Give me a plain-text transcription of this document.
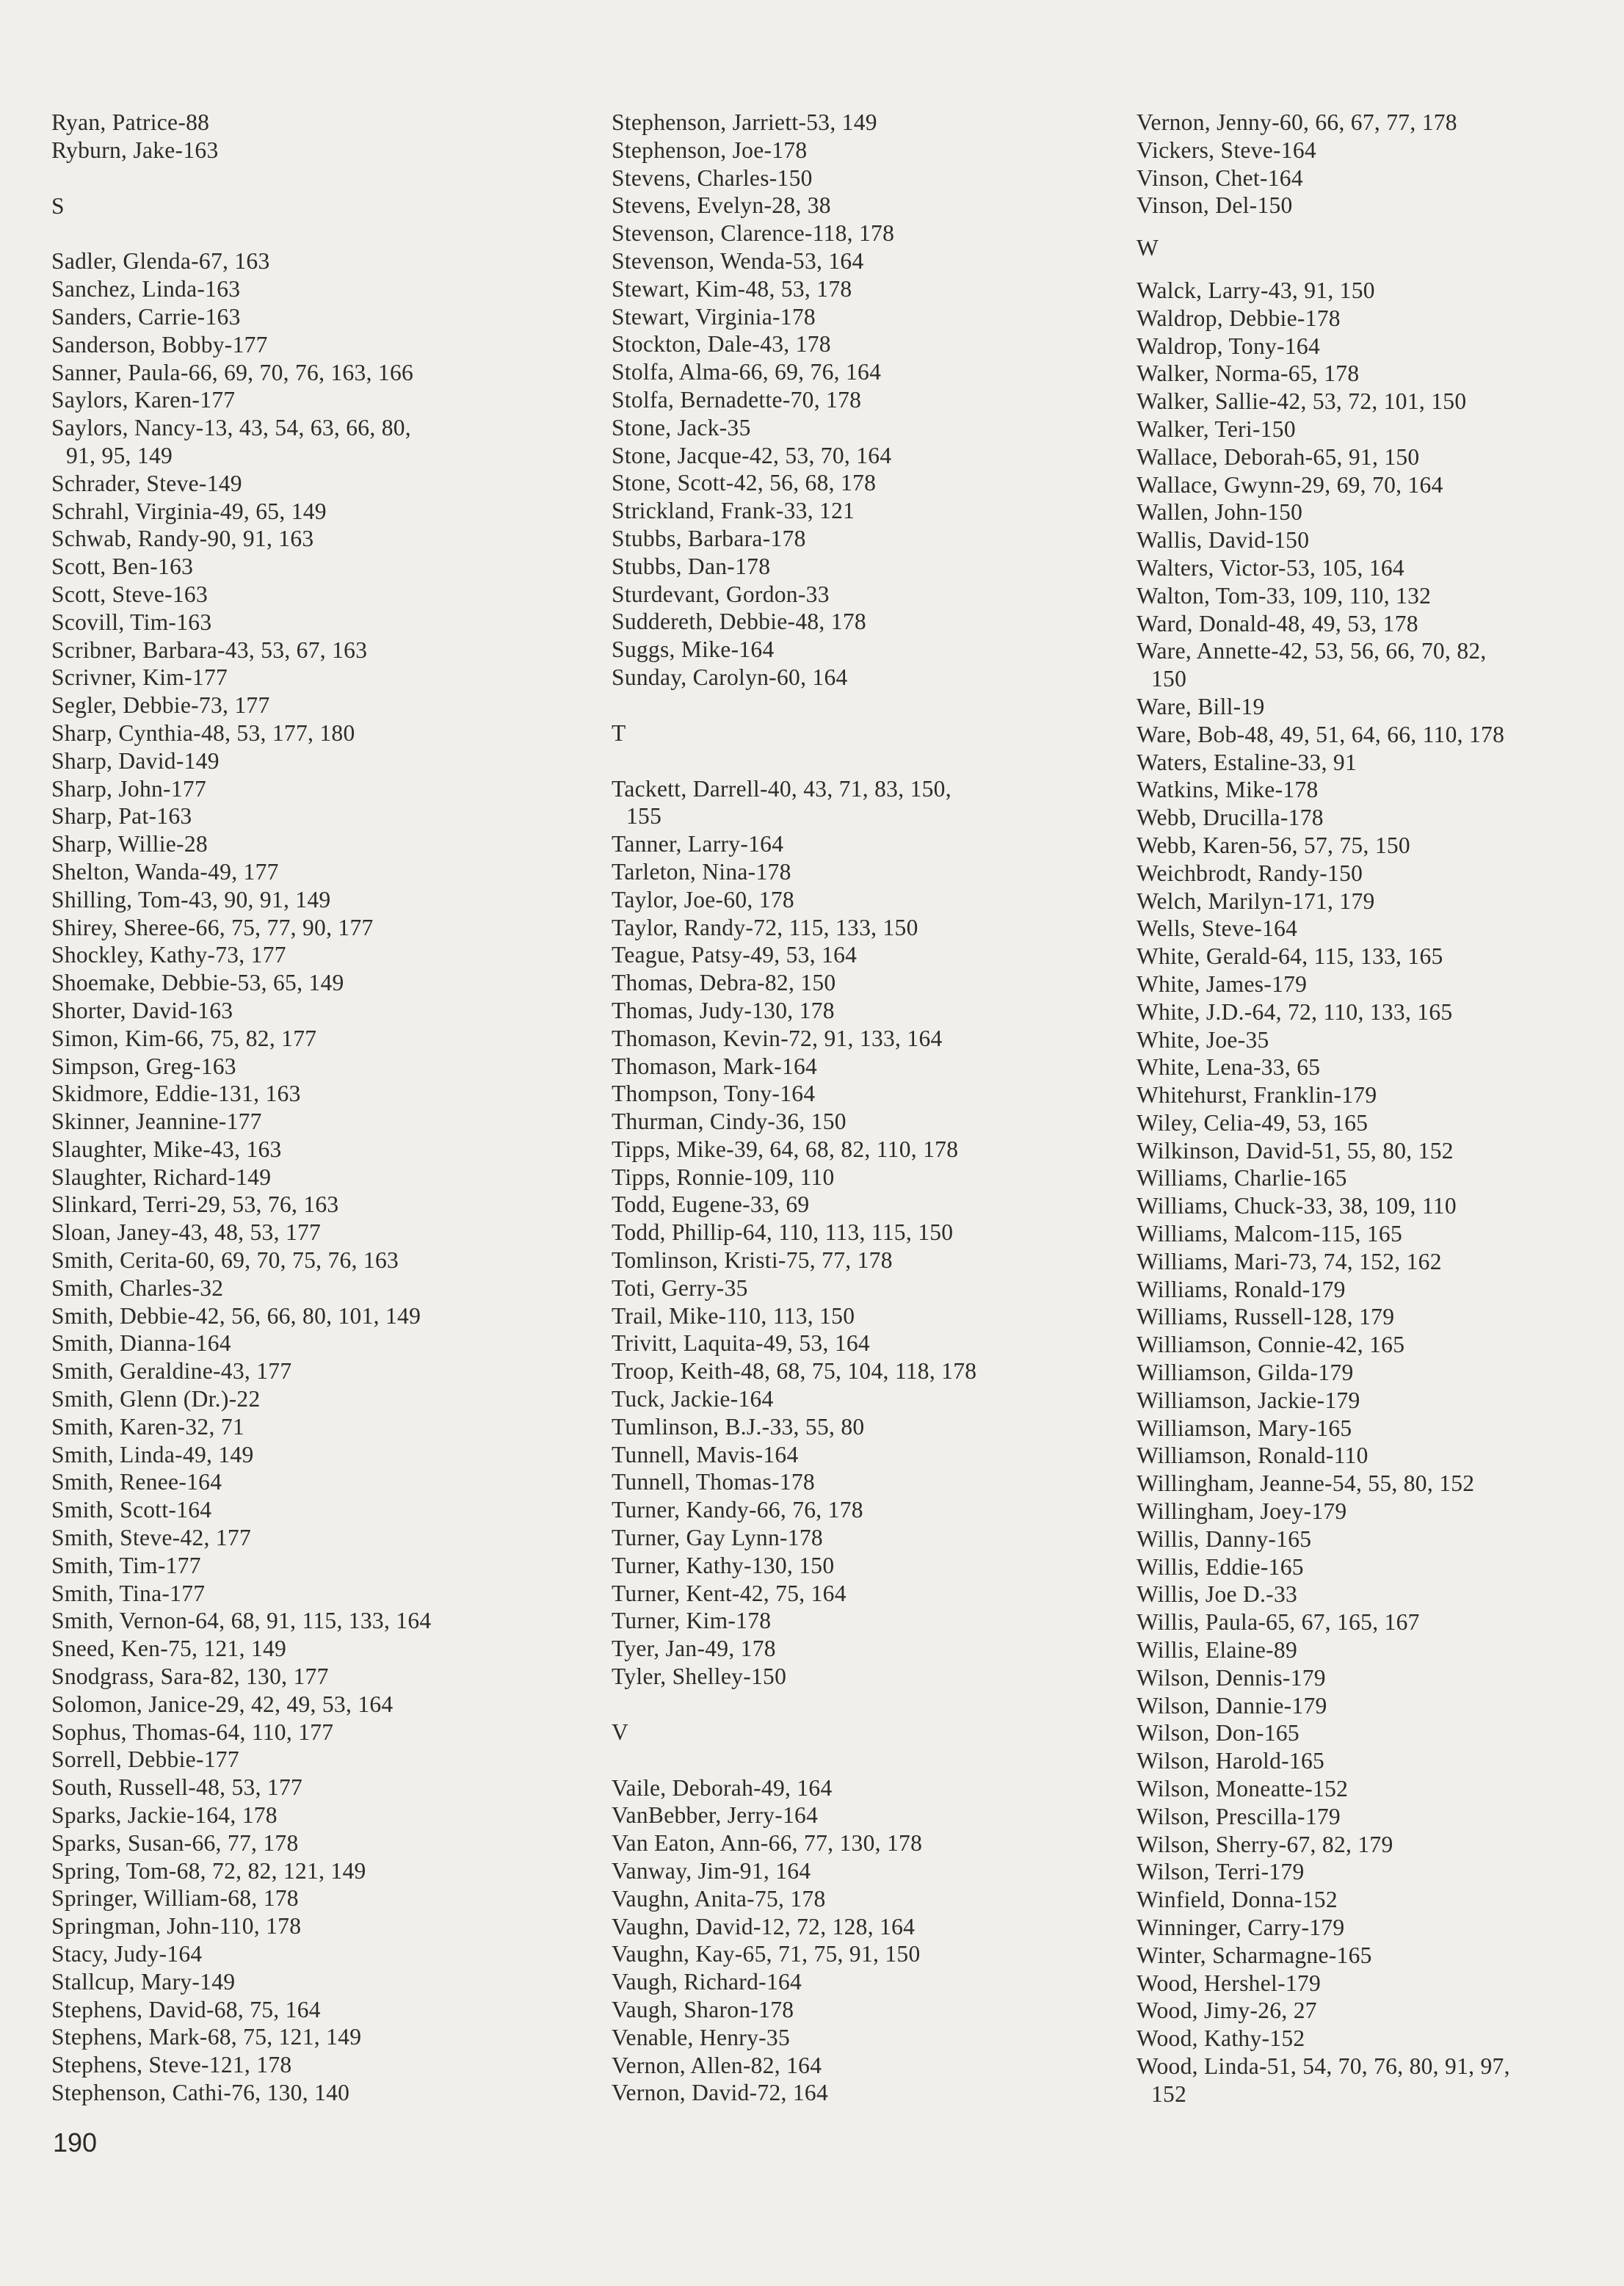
Ryan, Patrice-88
Ryburn, Jake-163
S
Sadler, Glenda-67, 163
Sanchez, Linda-163
Sanders, Carrie-163
Sanderson, Bobby-177
Sanner, Paula-66, 69, 70, 76, 163, 166
Saylors, Karen-177
Saylors, Nancy-13, 43, 54, 63, 66, 80,
91, 95, 149
Schrader, Steve-149
Schrahl, Virginia-49, 65, 149
Schwab, Randy-90, 91, 163
Scott, Ben-163
Scott, Steve-163
Scovill, Tim-163
Scribner, Barbara-43, 53, 67, 163
Scrivner, Kim-177
Segler, Debbie-73, 177
Sharp, Cynthia-48, 53, 177, 180
Sharp, David-149
Sharp, John-177
Sharp, Pat-163
Sharp, Willie-28
Shelton, Wanda-49, 177
Shilling, Tom-43, 90, 91, 149
Shirey, Sheree-66, 75, 77, 90, 177
Shockley, Kathy-73, 177
Shoemake, Debbie-53, 65, 149
Shorter, David-163
Simon, Kim-66, 75, 82, 177
Simpson, Greg-163
Skidmore, Eddie-131, 163
Skinner, Jeannine-177
Slaughter, Mike-43, 163
Slaughter, Richard-149
Slinkard, Terri-29, 53, 76, 163
Sloan, Janey-43, 48, 53, 177
Smith, Cerita-60, 69, 70, 75, 76, 163
Smith, Charles-32
Smith, Debbie-42, 56, 66, 80, 101, 149
Smith, Dianna-164
Smith, Geraldine-43, 177
Smith, Glenn (Dr.)-22
Smith, Karen-32, 71
Smith, Linda-49, 149
Smith, Renee-164
Smith, Scott-164
Smith, Steve-42, 177
Smith, Tim-177
Smith, Tina-177
Smith, Vernon-64, 68, 91, 115, 133, 164
Sneed, Ken-75, 121, 149
Snodgrass, Sara-82, 130, 177
Solomon, Janice-29, 42, 49, 53, 164
Sophus, Thomas-64, 110, 177
Sorrell, Debbie-177
South, Russell-48, 53, 177
Sparks, Jackie-164, 178
Sparks, Susan-66, 77, 178
Spring, Tom-68, 72, 82, 121, 149
Springer, William-68, 178
Springman, John-110, 178
Stacy, Judy-164
Stallcup, Mary-149
Stephens, David-68, 75, 164
Stephens, Mark-68, 75, 121, 149
Stephens, Steve-121, 178
Stephenson, Cathi-76, 130, 140
Stephenson, Jarriett-53, 149
Stephenson, Joe-178
Stevens, Charles-150
Stevens, Evelyn-28, 38
Stevenson, Clarence-118, 178
Stevenson, Wenda-53, 164
Stewart, Kim-48, 53, 178
Stewart, Virginia-178
Stockton, Dale-43, 178
Stolfa, Alma-66, 69, 76, 164
Stolfa, Bernadette-70, 178
Stone, Jack-35
Stone, Jacque-42, 53, 70, 164
Stone, Scott-42, 56, 68, 178
Strickland, Frank-33, 121
Stubbs, Barbara-178
Stubbs, Dan-178
Sturdevant, Gordon-33
Suddereth, Debbie-48, 178
Suggs, Mike-164
Sunday, Carolyn-60, 164
T
Tackett, Darrell-40, 43, 71, 83, 150,
155
Tanner, Larry-164
Tarleton, Nina-178
Taylor, Joe-60, 178
Taylor, Randy-72, 115, 133, 150
Teague, Patsy-49, 53, 164
Thomas, Debra-82, 150
Thomas, Judy-130, 178
Thomason, Kevin-72, 91, 133, 164
Thomason, Mark-164
Thompson, Tony-164
Thurman, Cindy-36, 150
Tipps, Mike-39, 64, 68, 82, 110, 178
Tipps, Ronnie-109, 110
Todd, Eugene-33, 69
Todd, Phillip-64, 110, 113, 115, 150
Tomlinson, Kristi-75, 77, 178
Toti, Gerry-35
Trail, Mike-110, 113, 150
Trivitt, Laquita-49, 53, 164
Troop, Keith-48, 68, 75, 104, 118, 178
Tuck, Jackie-164
Tumlinson, B.J.-33, 55, 80
Tunnell, Mavis-164
Tunnell, Thomas-178
Turner, Kandy-66, 76, 178
Turner, Gay Lynn-178
Turner, Kathy-130, 150
Turner, Kent-42, 75, 164
Turner, Kim-178
Tyer, Jan-49, 178
Tyler, Shelley-150
V
Vaile, Deborah-49, 164
VanBebber, Jerry-164
Van Eaton, Ann-66, 77, 130, 178
Vanway, Jim-91, 164
Vaughn, Anita-75, 178
Vaughn, David-12, 72, 128, 164
Vaughn, Kay-65, 71, 75, 91, 150
Vaugh, Richard-164
Vaugh, Sharon-178
Venable, Henry-35
Vernon, Allen-82, 164
Vernon, David-72, 164
Vernon, Jenny-60, 66, 67, 77, 178
Vickers, Steve-164
Vinson, Chet-164
Vinson, Del-150
W
Walck, Larry-43, 91, 150
Waldrop, Debbie-178
Waldrop, Tony-164
Walker, Norma-65, 178
Walker, Sallie-42, 53, 72, 101, 150
Walker, Teri-150
Wallace, Deborah-65, 91, 150
Wallace, Gwynn-29, 69, 70, 164
Wallen, John-150
Wallis, David-150
Walters, Victor-53, 105, 164
Walton, Tom-33, 109, 110, 132
Ward, Donald-48, 49, 53, 178
Ware, Annette-42, 53, 56, 66, 70, 82,
150
Ware, Bill-19
Ware, Bob-48, 49, 51, 64, 66, 110, 178
Waters, Estaline-33, 91
Watkins, Mike-178
Webb, Drucilla-178
Webb, Karen-56, 57, 75, 150
Weichbrodt, Randy-150
Welch, Marilyn-171, 179
Wells, Steve-164
White, Gerald-64, 115, 133, 165
White, James-179
White, J.D.-64, 72, 110, 133, 165
White, Joe-35
White, Lena-33, 65
Whitehurst, Franklin-179
Wiley, Celia-49, 53, 165
Wilkinson, David-51, 55, 80, 152
Williams, Charlie-165
Williams, Chuck-33, 38, 109, 110
Williams, Malcom-115, 165
Williams, Mari-73, 74, 152, 162
Williams, Ronald-179
Williams, Russell-128, 179
Williamson, Connie-42, 165
Williamson, Gilda-179
Williamson, Jackie-179
Williamson, Mary-165
Williamson, Ronald-110
Willingham, Jeanne-54, 55, 80, 152
Willingham, Joey-179
Willis, Danny-165
Willis, Eddie-165
Willis, Joe D.-33
Willis, Paula-65, 67, 165, 167
Willis, Elaine-89
Wilson, Dennis-179
Wilson, Dannie-179
Wilson, Don-165
Wilson, Harold-165
Wilson, Moneatte-152
Wilson, Prescilla-179
Wilson, Sherry-67, 82, 179
Wilson, Terri-179
Winfield, Donna-152
Winninger, Carry-179
Winter, Scharmagne-165
Wood, Hershel-179
Wood, Jimy-26, 27
Wood, Kathy-152
Wood, Linda-51, 54, 70, 76, 80, 91, 97,
152
190
